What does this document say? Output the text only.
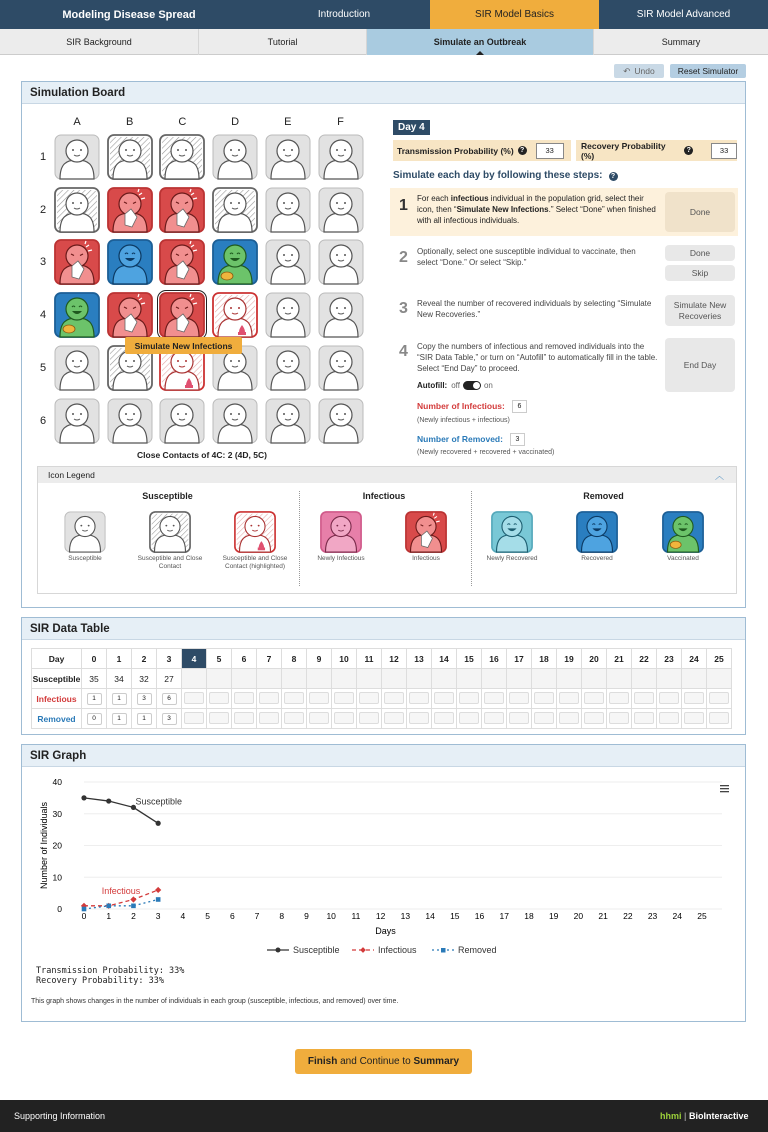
Modeling Disease Spread	Introduction	SIR Model Basics	SIR Model Advanced
SIR Background	Tutorial	Simulate an Outbreak	Summary
↶ Undo	Reset Simulator
Simulation Board
A	B	C	D	E	F
1
2
3
4
5
6
Simulate New Infections
Close Contacts of 4C: 2 (4D, 5C)
Day 4
Transmission Probability (%) ?	33	Recovery Probability (%)	?	33
Simulate each day by following these steps: ?
1 For each infectious individual in the population grid, select their icon, then “Simulate New Infections.” Select “Done” when finished with all infectious individuals.
Done
2 Optionally, select one susceptible individual to vaccinate, then select “Done.” Or select “Skip.”
Done
Skip
3 Reveal the number of recovered individuals by selecting “Simulate New Recoveries.”
Simulate New Recoveries
4 Copy the numbers of infectious and removed individuals into the “SIR Data Table,” or turn on “Autofill” to automatically fill in the table. Select “End Day” to proceed.	End Day
Autofill: off	on
Number of Infectious:	6
(Newly infectious + infectious)
Number of Removed:	3
(Newly recovered + recovered + vaccinated)
Icon Legend	︿
Susceptible	Infectious	Removed
Susceptible	Susceptible and Close Contact
Susceptible and Close Contact (highlighted)
Newly Infectious	Infectious	Newly Recovered	Recovered	Vaccinated
SIR Data Table
Day	0	1	2	3	4	5	6	7	8	9	10	11	12	13	14	15	16	17	18	19	20	21	22	23	24	25
Susceptible	35	34	32	27																						
Infectious	1	1	3	6																						
Removed	0	1	1	3																						
SIR Graph
0
10
20
30
40
0 1 2 3 4 5 6 7 8 9 10 11 12 13 14 15 16 17 18 19 20 21 22 23 24 25
Days
Number of Individuals
Susceptible
Infectious
Susceptible	Infectious	Removed
Transmission Probability: 33%
Recovery Probability: 33%
This graph shows changes in the number of individuals in each group (susceptible, infectious, and removed) over time.
Finish and Continue to Summary
Supporting Information	hhmi | BioInteractive
